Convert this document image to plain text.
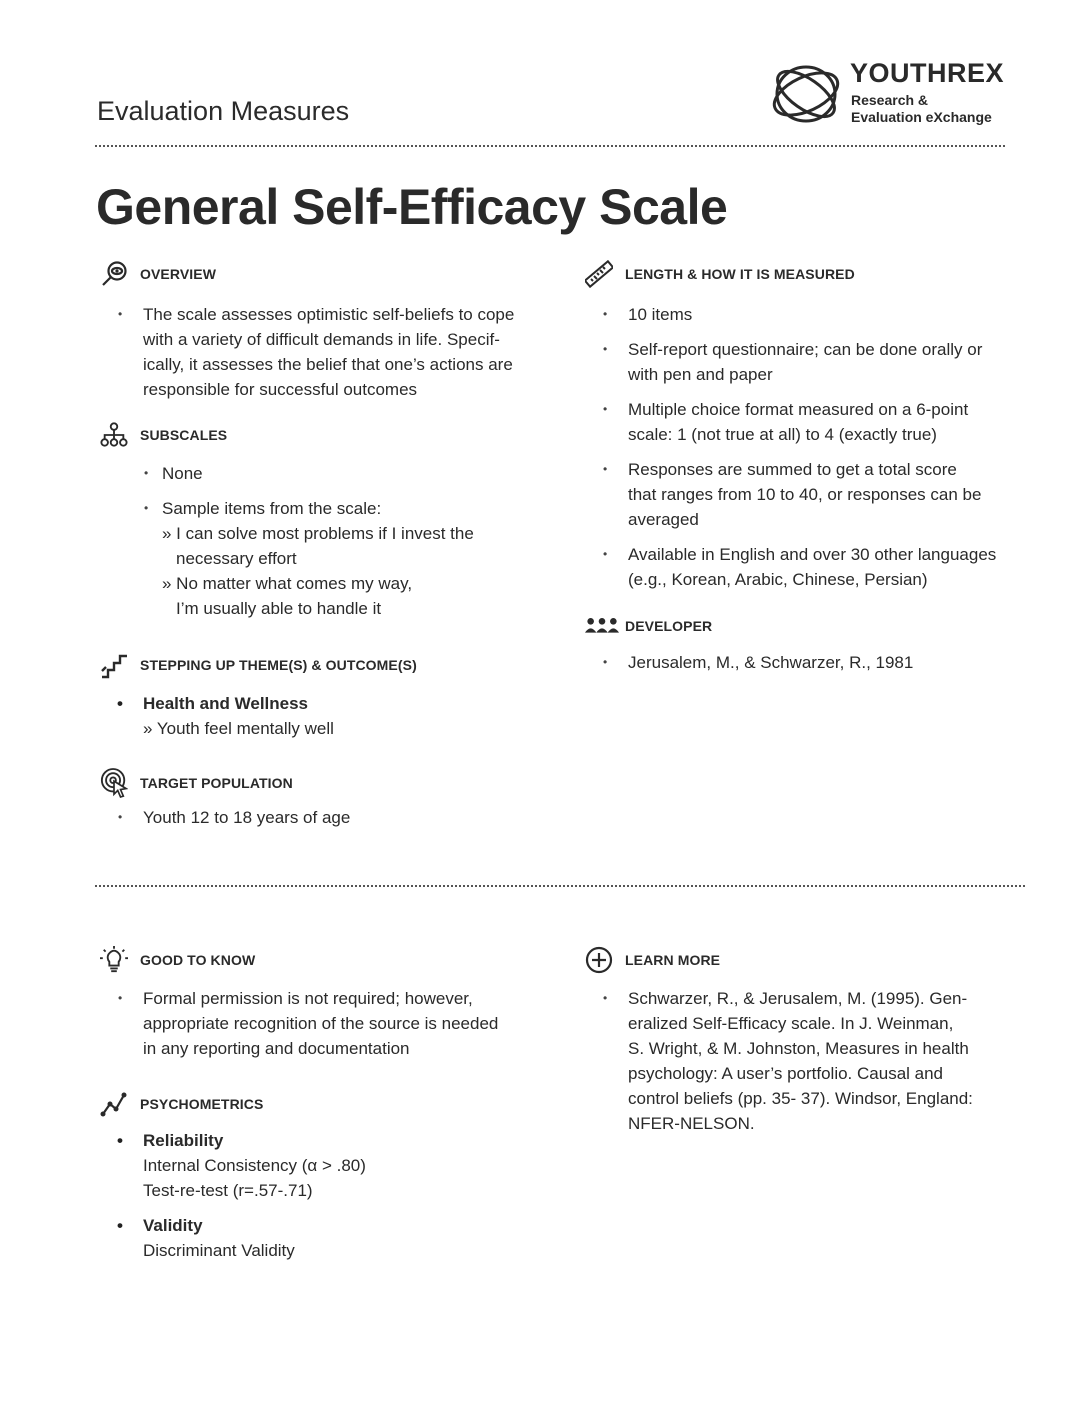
Evaluation Measures
YOUTHREX
Research &
Evaluation eXchange
General Self-Efficacy Scale
OVERVIEW
• The scale assesses optimistic self-beliefs to cope
with a variety of difficult demands in life. Specif-
ically, it assesses the belief that one’s actions are
responsible for successful outcomes
SUBSCALES
• None
• Sample items from the scale:
» I can solve most problems if I invest the
necessary effort
» No matter what comes my way,
I’m usually able to handle it
STEPPING UP THEME(S) & OUTCOME(S)
• Health and Wellness
» Youth feel mentally well
TARGET POPULATION
• Youth 12 to 18 years of age
LENGTH & HOW IT IS MEASURED
• 10 items
• Self-report questionnaire; can be done orally or
with pen and paper
• Multiple choice format measured on a 6-point
scale: 1 (not true at all) to 4 (exactly true)
• Responses are summed to get a total score
that ranges from 10 to 40, or responses can be
averaged
• Available in English and over 30 other languages
(e.g., Korean, Arabic, Chinese, Persian)
DEVELOPER
• Jerusalem, M., & Schwarzer, R., 1981
GOOD TO KNOW
• Formal permission is not required; however,
appropriate recognition of the source is needed
in any reporting and documentation
PSYCHOMETRICS
• Reliability
Internal Consistency (α > .80)
Test-re-test (r=.57-.71)
• Validity
Discriminant Validity
LEARN MORE
• Schwarzer, R., & Jerusalem, M. (1995). Gen-
eralized Self-Efficacy scale. In J. Weinman,
S. Wright, & M. Johnston, Measures in health
psychology: A user’s portfolio. Causal and
control beliefs (pp. 35- 37). Windsor, England:
NFER-NELSON.
